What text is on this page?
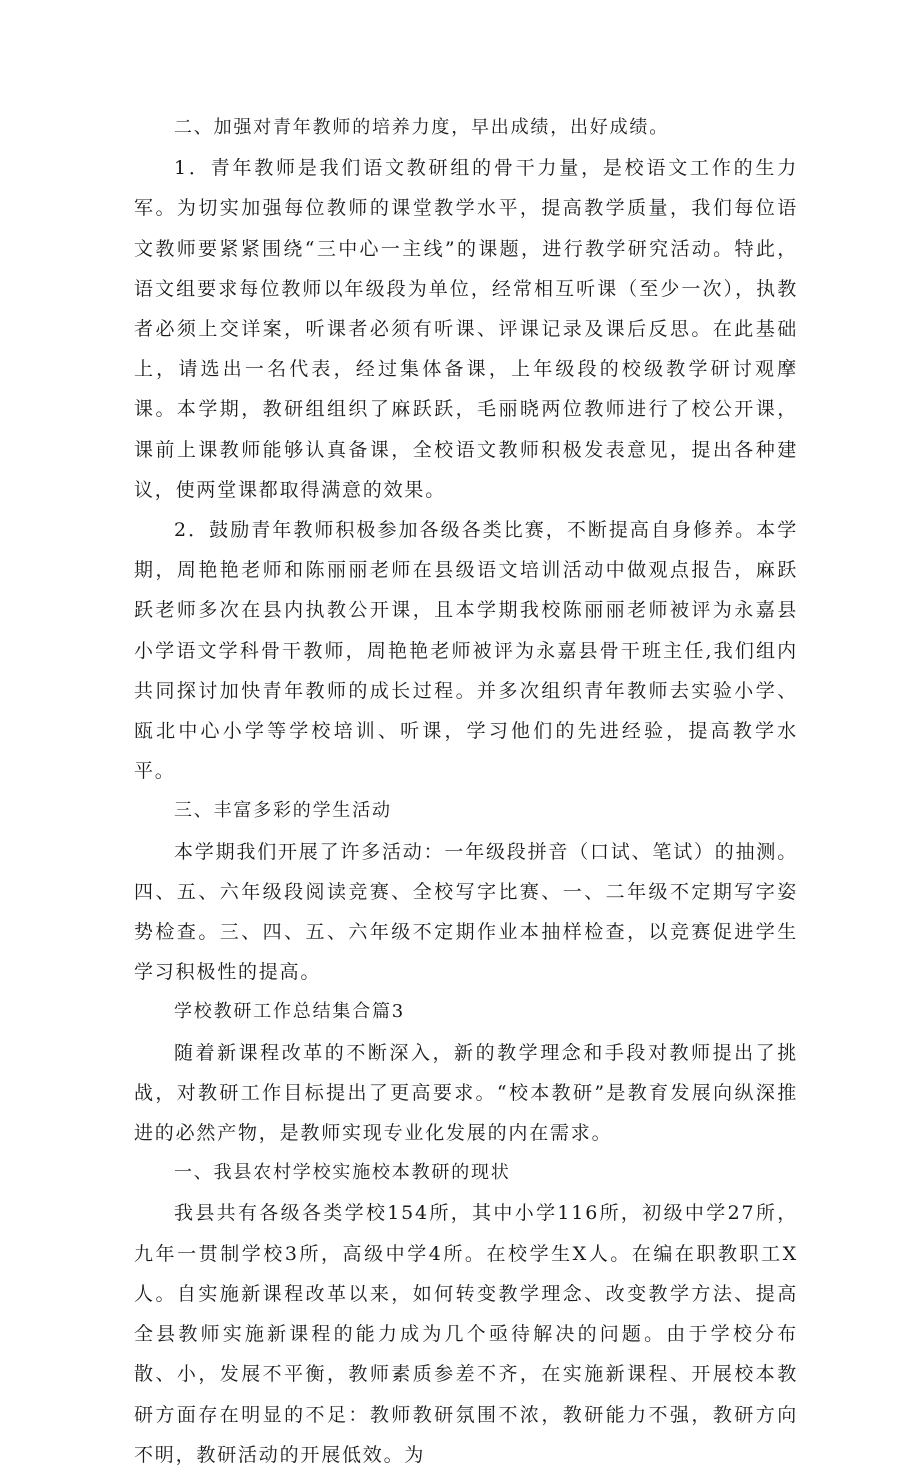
二、加强对青年教师的培养力度，早出成绩，出好成绩。

1．青年教师是我们语文教研组的骨干力量，是校语文工作的生力军。为切实加强每位教师的课堂教学水平，提高教学质量，我们每位语文教师要紧紧围绕“三中心一主线”的课题，进行教学研究活动。特此，语文组要求每位教师以年级段为单位，经常相互听课（至少一次），执教者必须上交详案，听课者必须有听课、评课记录及课后反思。在此基础上，请选出一名代表，经过集体备课，上年级段的校级教学研讨观摩课。本学期，教研组组织了麻跃跃，毛丽晓两位教师进行了校公开课，课前上课教师能够认真备课，全校语文教师积极发表意见，提出各种建议，使两堂课都取得满意的效果。

2．鼓励青年教师积极参加各级各类比赛，不断提高自身修养。本学期，周艳艳老师和陈丽丽老师在县级语文培训活动中做观点报告，麻跃跃老师多次在县内执教公开课，且本学期我校陈丽丽老师被评为永嘉县小学语文学科骨干教师，周艳艳老师被评为永嘉县骨干班主任,我们组内共同探讨加快青年教师的成长过程。并多次组织青年教师去实验小学、瓯北中心小学等学校培训、听课，学习他们的先进经验，提高教学水平。

三、丰富多彩的学生活动

本学期我们开展了许多活动：一年级段拼音（口试、笔试）的抽测。四、五、六年级段阅读竞赛、全校写字比赛、一、二年级不定期写字姿势检查。三、四、五、六年级不定期作业本抽样检查，以竞赛促进学生学习积极性的提高。

学校教研工作总结集合篇3

随着新课程改革的不断深入，新的教学理念和手段对教师提出了挑战，对教研工作目标提出了更高要求。“校本教研”是教育发展向纵深推进的必然产物，是教师实现专业化发展的内在需求。

一、我县农村学校实施校本教研的现状

我县共有各级各类学校154所，其中小学116所，初级中学27所，九年一贯制学校3所，高级中学4所。在校学生X人。在编在职教职工X人。自实施新课程改革以来，如何转变教学理念、改变教学方法、提高全县教师实施新课程的能力成为几个亟待解决的问题。由于学校分布散、小，发展不平衡，教师素质参差不齐，在实施新课程、开展校本教研方面存在明显的不足：教师教研氛围不浓，教研能力不强，教研方向不明，教研活动的开展低效。为
